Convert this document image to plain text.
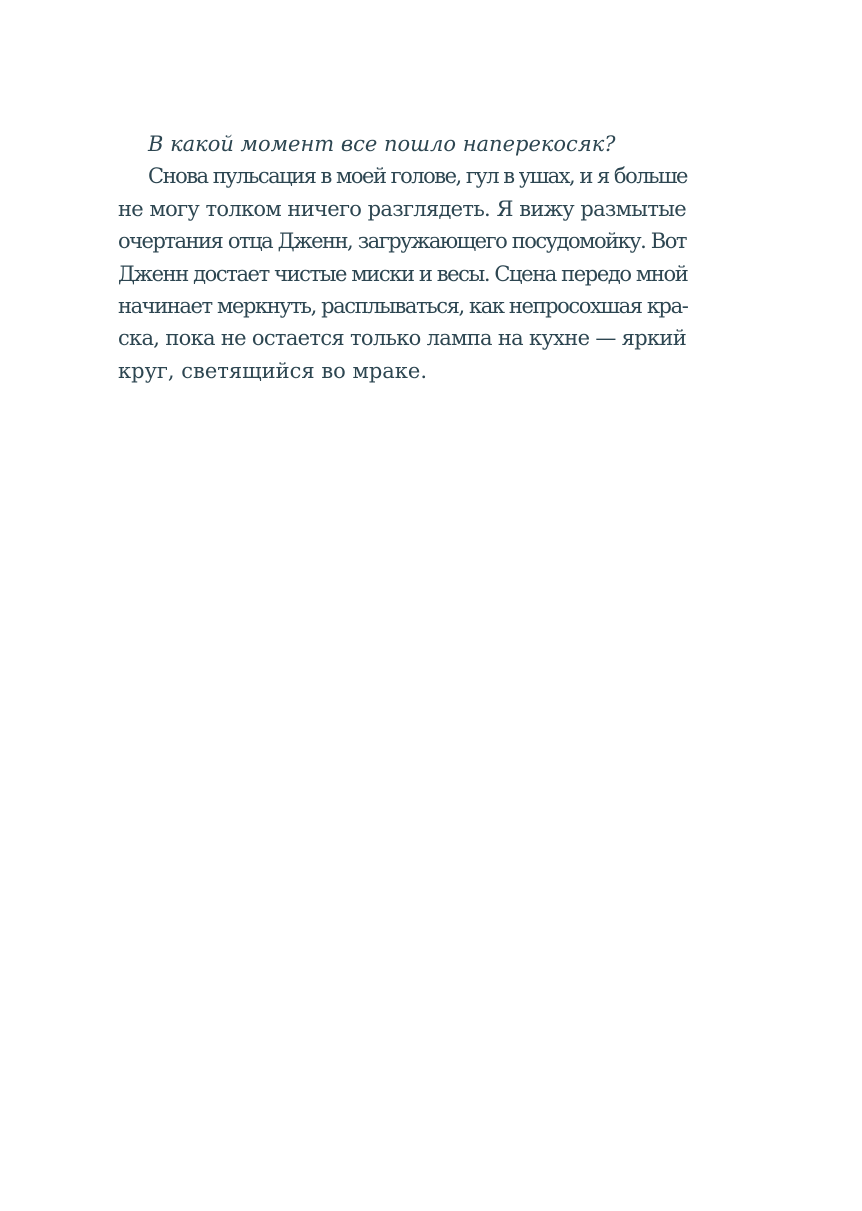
В какой момент все пошло наперекосяк?
Снова пульсация в моей голове, гул в ушах, и я больше
не могу толком ничего разглядеть. Я вижу размытые
очертания отца Дженн, загружающего посудомойку. Вот
Дженн достает чистые миски и весы. Сцена передо мной
начинает меркнуть, расплываться, как непросохшая кра-
ска, пока не остается только лампа на кухне — яркий
круг, светящийся во мраке.
